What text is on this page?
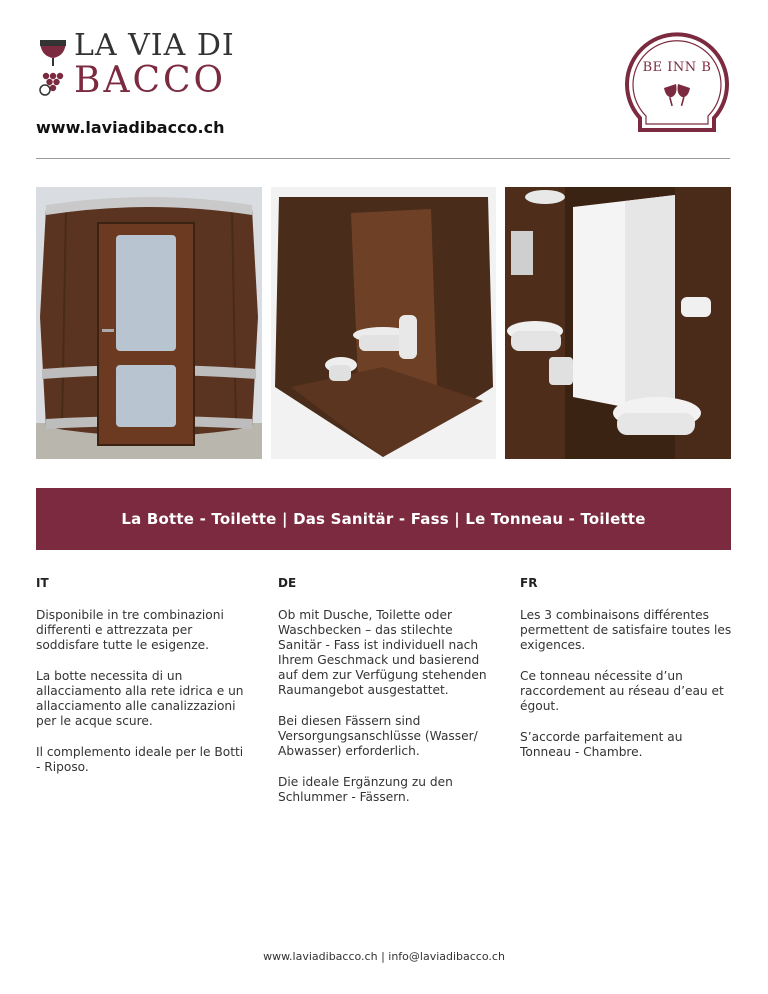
LA VIA DI
BACCO
www.laviadibacco.ch
BE INN B
La Botte - Toilette | Das Sanitär - Fass | Le Tonneau - Toilette
IT

Disponibile in tre combinazioni differenti e attrezzata per soddisfare tutte le esigenze.

La botte necessita di un allacciamento alla rete idrica e un allacciamento alle canalizzazioni per le acque scure.

Il complemento ideale per le Botti - Riposo.

DE

Ob mit Dusche, Toilette oder Waschbecken – das stilechte Sanitär - Fass ist individuell nach Ihrem Geschmack und basierend auf dem zur Verfügung stehenden Raumangebot ausgestattet.

Bei diesen Fässern sind Versorgungsanschlüsse (Wasser/ Abwasser) erforderlich.

Die ideale Ergänzung zu den Schlummer - Fässern.

FR

Les 3 combinaisons différentes permettent de satisfaire toutes les exigences.

Ce tonneau nécessite d’un raccordement au réseau d’eau et égout.

S’accorde parfaitement au Tonneau - Chambre.

www.laviadibacco.ch | info@laviadibacco.ch
